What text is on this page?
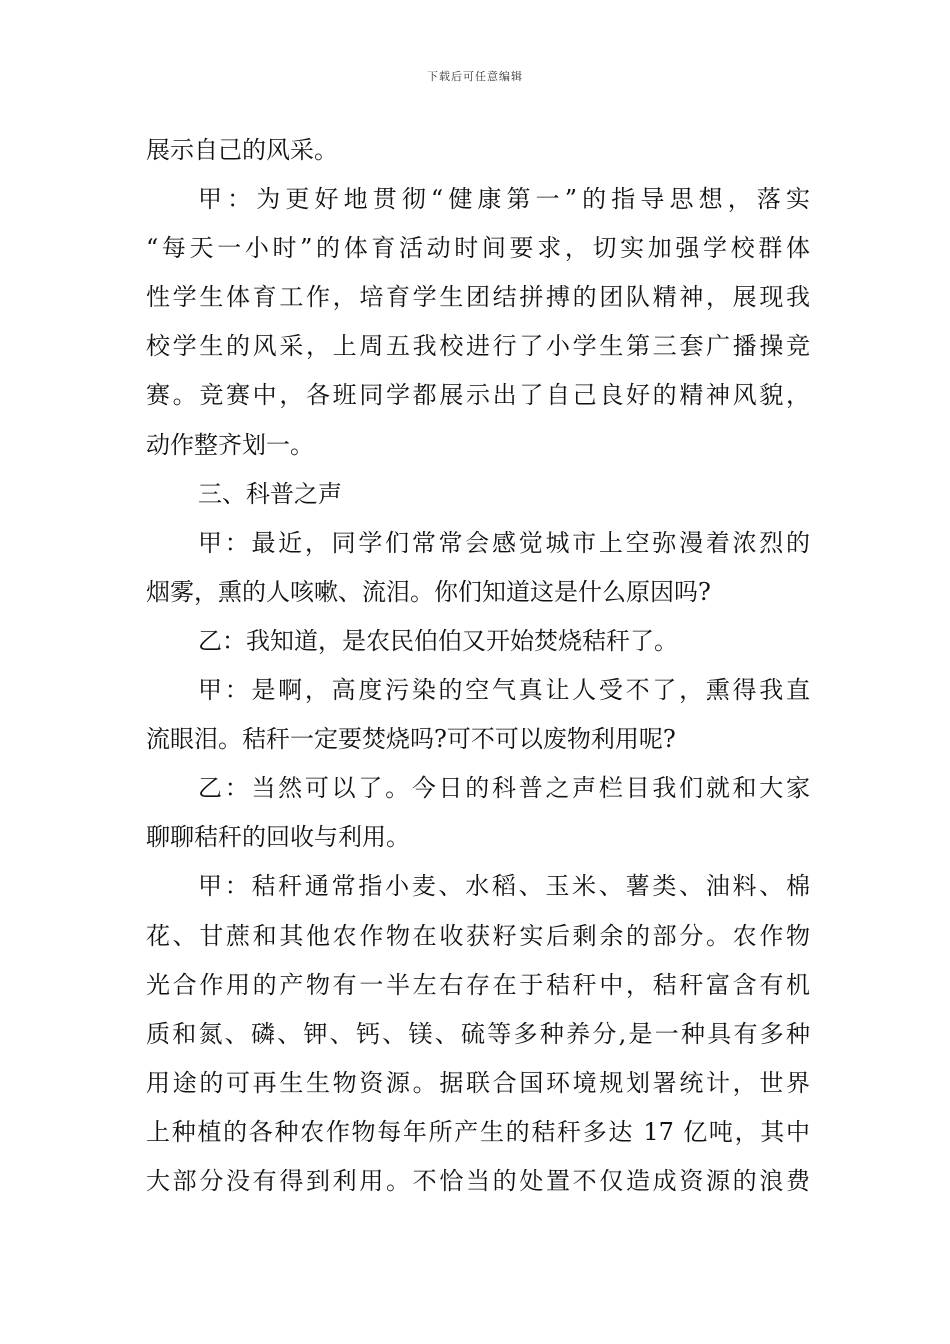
下载后可任意编辑
展示自己的风采。
甲：为更好地贯彻“健康第一”的指导思想，落实
“每天一小时”的体育活动时间要求，切实加强学校群体
性学生体育工作，培育学生团结拼搏的团队精神，展现我
校学生的风采，上周五我校进行了小学生第三套广播操竞
赛。竞赛中，各班同学都展示出了自己良好的精神风貌，
动作整齐划一。
三、科普之声
甲：最近，同学们常常会感觉城市上空弥漫着浓烈的
烟雾，熏的人咳嗽、流泪。你们知道这是什么原因吗?
乙：我知道，是农民伯伯又开始焚烧秸秆了。
甲：是啊，高度污染的空气真让人受不了，熏得我直
流眼泪。秸秆一定要焚烧吗?可不可以废物利用呢?
乙：当然可以了。今日的科普之声栏目我们就和大家
聊聊秸秆的回收与利用。
甲：秸秆通常指小麦、水稻、玉米、薯类、油料、棉
花、甘蔗和其他农作物在收获籽实后剩余的部分。农作物
光合作用的产物有一半左右存在于秸秆中，秸秆富含有机
质和氮、磷、钾、钙、镁、硫等多种养分,是一种具有多种
用途的可再生生物资源。据联合国环境规划署统计，世界
上种植的各种农作物每年所产生的秸秆多达 17 亿吨，其中
大部分没有得到利用。不恰当的处置不仅造成资源的浪费
